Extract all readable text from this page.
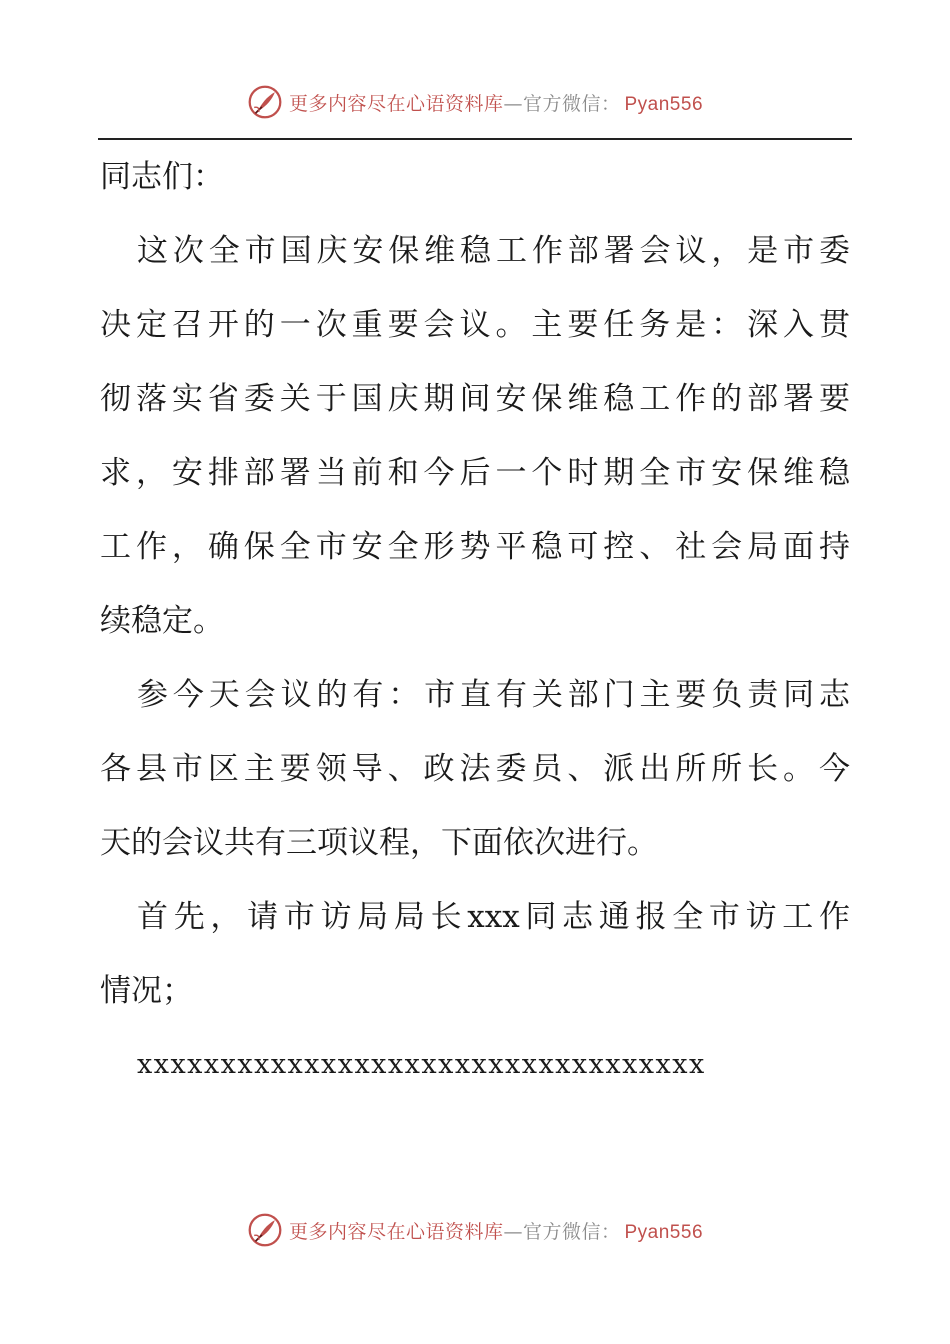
更多内容尽在心语资料库—官方微信： Pyan556
同志们：
这次全市国庆安保维稳工作部署会议，是市委
决定召开的一次重要会议。主要任务是：深入贯
彻落实省委关于国庆期间安保维稳工作的部署要
求，安排部署当前和今后一个时期全市安保维稳
工作，确保全市安全形势平稳可控、社会局面持
续稳定。
参今天会议的有：市直有关部门主要负责同志
各县市区主要领导、政法委员、派出所所长。今
天的会议共有三项议程，下面依次进行。
首先，请市访局局长xxx同志通报全市访工作
情况；
xxxxxxxxxxxxxxxxxxxxxxxxxxxxxxxxxx
更多内容尽在心语资料库—官方微信： Pyan556
